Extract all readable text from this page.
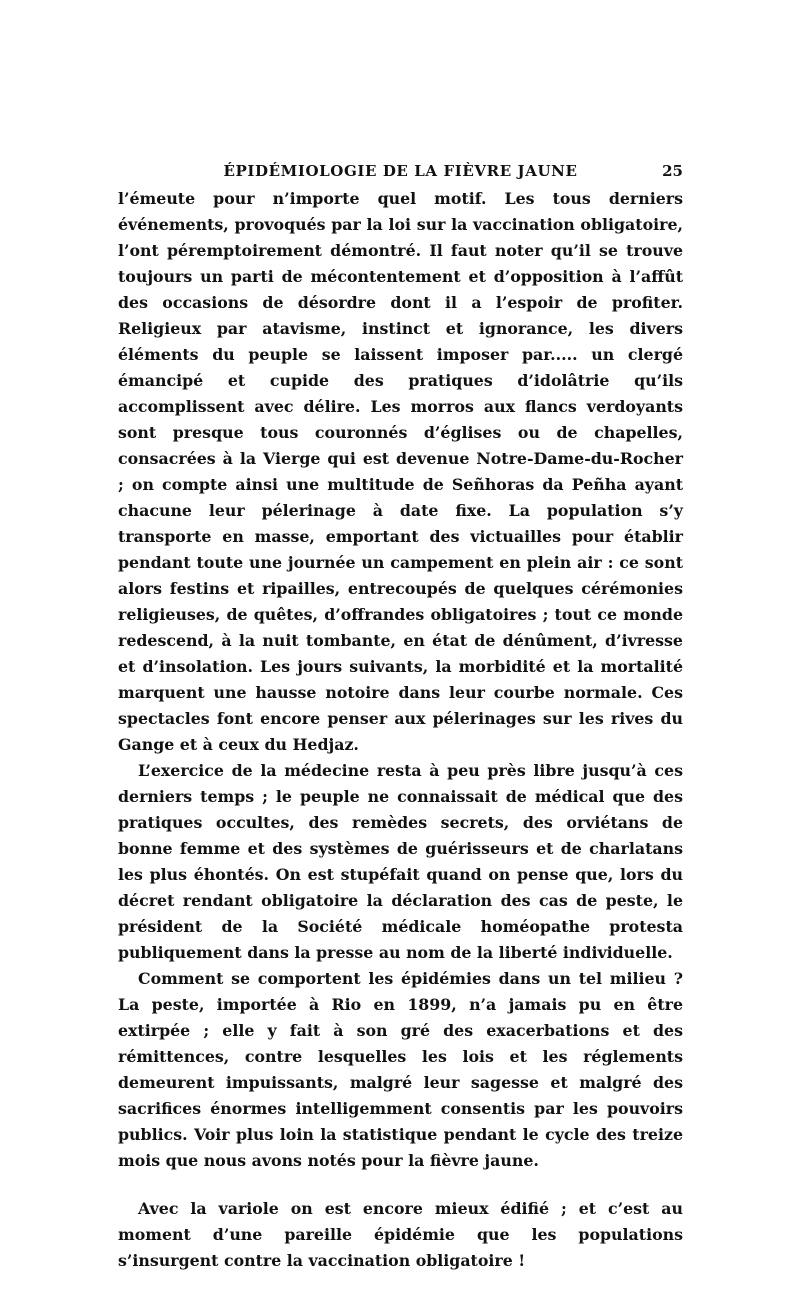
ÉPIDÉMIOLOGIE DE LA FIÈVRE JAUNE	25

l’émeute pour n’importe quel motif. Les tous derniers événements, provoqués par la loi sur la vaccination obligatoire, l’ont péremptoirement démontré. Il faut noter qu’il se trouve toujours un parti de mécontentement et d’opposition à l’affût des occasions de désordre dont il a l’espoir de profiter. Religieux par atavisme, instinct et ignorance, les divers éléments du peuple se laissent imposer par..... un clergé émancipé et cupide des pratiques d’idolâtrie qu’ils accomplissent avec délire. Les morros aux flancs verdoyants sont presque tous couronnés d’églises ou de chapelles, consacrées à la Vierge qui est devenue Notre-Dame-du-Rocher ; on compte ainsi une multitude de Señhoras da Peñha ayant chacune leur pélerinage à date fixe. La population s’y transporte en masse, emportant des victuailles pour établir pendant toute une journée un campement en plein air : ce sont alors festins et ripailles, entrecoupés de quelques cérémonies religieuses, de quêtes, d’offrandes obligatoires ; tout ce monde redescend, à la nuit tombante, en état de dénûment, d’ivresse et d’insolation. Les jours suivants, la morbidité et la mortalité marquent une hausse notoire dans leur courbe normale. Ces spectacles font encore penser aux pélerinages sur les rives du Gange et à ceux du Hedjaz.

L’exercice de la médecine resta à peu près libre jusqu’à ces derniers temps ; le peuple ne connaissait de médical que des pratiques occultes, des remèdes secrets, des orviétans de bonne femme et des systèmes de guérisseurs et de charlatans les plus éhontés. On est stupéfait quand on pense que, lors du décret rendant obligatoire la déclaration des cas de peste, le président de la Société médicale homéopathe protesta publiquement dans la presse au nom de la liberté individuelle.

Comment se comportent les épidémies dans un tel milieu ? La peste, importée à Rio en 1899, n’a jamais pu en être extirpée ; elle y fait à son gré des exacerbations et des rémittences, contre lesquelles les lois et les réglements demeurent impuissants, malgré leur sagesse et malgré des sacrifices énormes intelligemment consentis par les pouvoirs publics. Voir plus loin la statistique pendant le cycle des treize mois que nous avons notés pour la fièvre jaune.

Avec la variole on est encore mieux édifié ; et c’est au moment d’une pareille épidémie que les populations s’insurgent contre la vaccination obligatoire !
